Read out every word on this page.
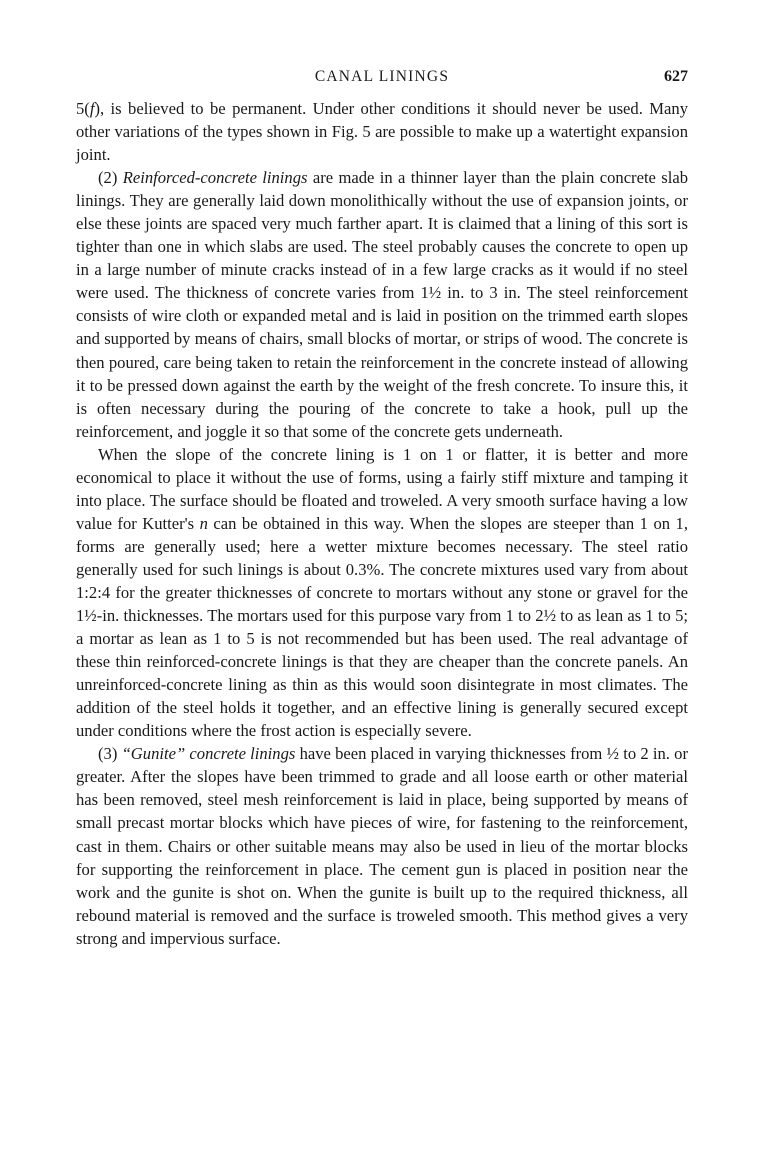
CANAL LININGS	627

5(f), is believed to be permanent. Under other conditions it should never be used. Many other variations of the types shown in Fig. 5 are possible to make up a watertight expansion joint.

(2) Reinforced-concrete linings are made in a thinner layer than the plain concrete slab linings. They are generally laid down monolithically without the use of expansion joints, or else these joints are spaced very much farther apart. It is claimed that a lining of this sort is tighter than one in which slabs are used. The steel probably causes the concrete to open up in a large number of minute cracks instead of in a few large cracks as it would if no steel were used. The thickness of concrete varies from 1½ in. to 3 in. The steel reinforcement consists of wire cloth or expanded metal and is laid in position on the trimmed earth slopes and supported by means of chairs, small blocks of mortar, or strips of wood. The concrete is then poured, care being taken to retain the reinforcement in the concrete instead of allowing it to be pressed down against the earth by the weight of the fresh concrete. To insure this, it is often necessary during the pouring of the concrete to take a hook, pull up the reinforcement, and joggle it so that some of the concrete gets underneath.

When the slope of the concrete lining is 1 on 1 or flatter, it is better and more economical to place it without the use of forms, using a fairly stiff mixture and tamping it into place. The surface should be floated and troweled. A very smooth surface having a low value for Kutter's n can be obtained in this way. When the slopes are steeper than 1 on 1, forms are generally used; here a wetter mixture becomes necessary. The steel ratio generally used for such linings is about 0.3%. The concrete mixtures used vary from about 1:2:4 for the greater thicknesses of concrete to mortars without any stone or gravel for the 1½-in. thicknesses. The mortars used for this purpose vary from 1 to 2½ to as lean as 1 to 5; a mortar as lean as 1 to 5 is not recommended but has been used. The real advantage of these thin reinforced-concrete linings is that they are cheaper than the concrete panels. An unreinforced-concrete lining as thin as this would soon disintegrate in most climates. The addition of the steel holds it together, and an effective lining is generally secured except under conditions where the frost action is especially severe.

(3) “Gunite” concrete linings have been placed in varying thicknesses from ½ to 2 in. or greater. After the slopes have been trimmed to grade and all loose earth or other material has been removed, steel mesh reinforcement is laid in place, being supported by means of small precast mortar blocks which have pieces of wire, for fastening to the reinforcement, cast in them. Chairs or other suitable means may also be used in lieu of the mortar blocks for supporting the reinforcement in place. The cement gun is placed in position near the work and the gunite is shot on. When the gunite is built up to the required thickness, all rebound material is removed and the surface is troweled smooth. This method gives a very strong and impervious surface.
